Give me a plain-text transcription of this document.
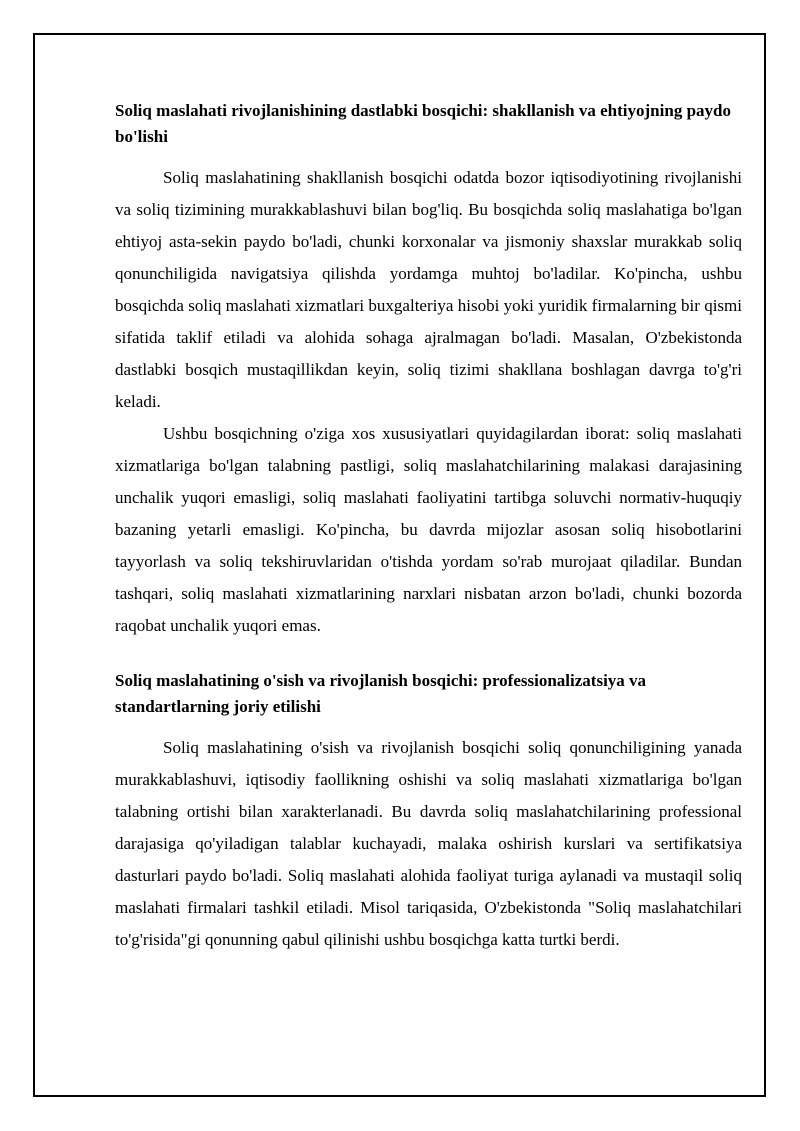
Soliq maslahati rivojlanishining dastlabki bosqichi: shakllanish va ehtiyojning paydo bo'lishi

Soliq maslahatining shakllanish bosqichi odatda bozor iqtisodiyotining rivojlanishi va soliq tizimining murakkablashuvi bilan bog'liq. Bu bosqichda soliq maslahatiga bo'lgan ehtiyoj asta-sekin paydo bo'ladi, chunki korxonalar va jismoniy shaxslar murakkab soliq qonunchiligida navigatsiya qilishda yordamga muhtoj bo'ladilar. Ko'pincha, ushbu bosqichda soliq maslahati xizmatlari buxgalteriya hisobi yoki yuridik firmalarning bir qismi sifatida taklif etiladi va alohida sohaga ajralmagan bo'ladi. Masalan, O'zbekistonda dastlabki bosqich mustaqillikdan keyin, soliq tizimi shakllana boshlagan davrga to'g'ri keladi.

Ushbu bosqichning o'ziga xos xususiyatlari quyidagilardan iborat: soliq maslahati xizmatlariga bo'lgan talabning pastligi, soliq maslahatchilarining malakasi darajasining unchalik yuqori emasligi, soliq maslahati faoliyatini tartibga soluvchi normativ-huquqiy bazaning yetarli emasligi. Ko'pincha, bu davrda mijozlar asosan soliq hisobotlarini tayyorlash va soliq tekshiruvlaridan o'tishda yordam so'rab murojaat qiladilar. Bundan tashqari, soliq maslahati xizmatlarining narxlari nisbatan arzon bo'ladi, chunki bozorda raqobat unchalik yuqori emas.

Soliq maslahatining o'sish va rivojlanish bosqichi: professionalizatsiya va standartlarning joriy etilishi

Soliq maslahatining o'sish va rivojlanish bosqichi soliq qonunchiligining yanada murakkablashuvi, iqtisodiy faollikning oshishi va soliq maslahati xizmatlariga bo'lgan talabning ortishi bilan xarakterlanadi. Bu davrda soliq maslahatchilarining professional darajasiga qo'yiladigan talablar kuchayadi, malaka oshirish kurslari va sertifikatsiya dasturlari paydo bo'ladi. Soliq maslahati alohida faoliyat turiga aylanadi va mustaqil soliq maslahati firmalari tashkil etiladi. Misol tariqasida, O'zbekistonda "Soliq maslahatchilari to'g'risida"gi qonunning qabul qilinishi ushbu bosqichga katta turtki berdi.
